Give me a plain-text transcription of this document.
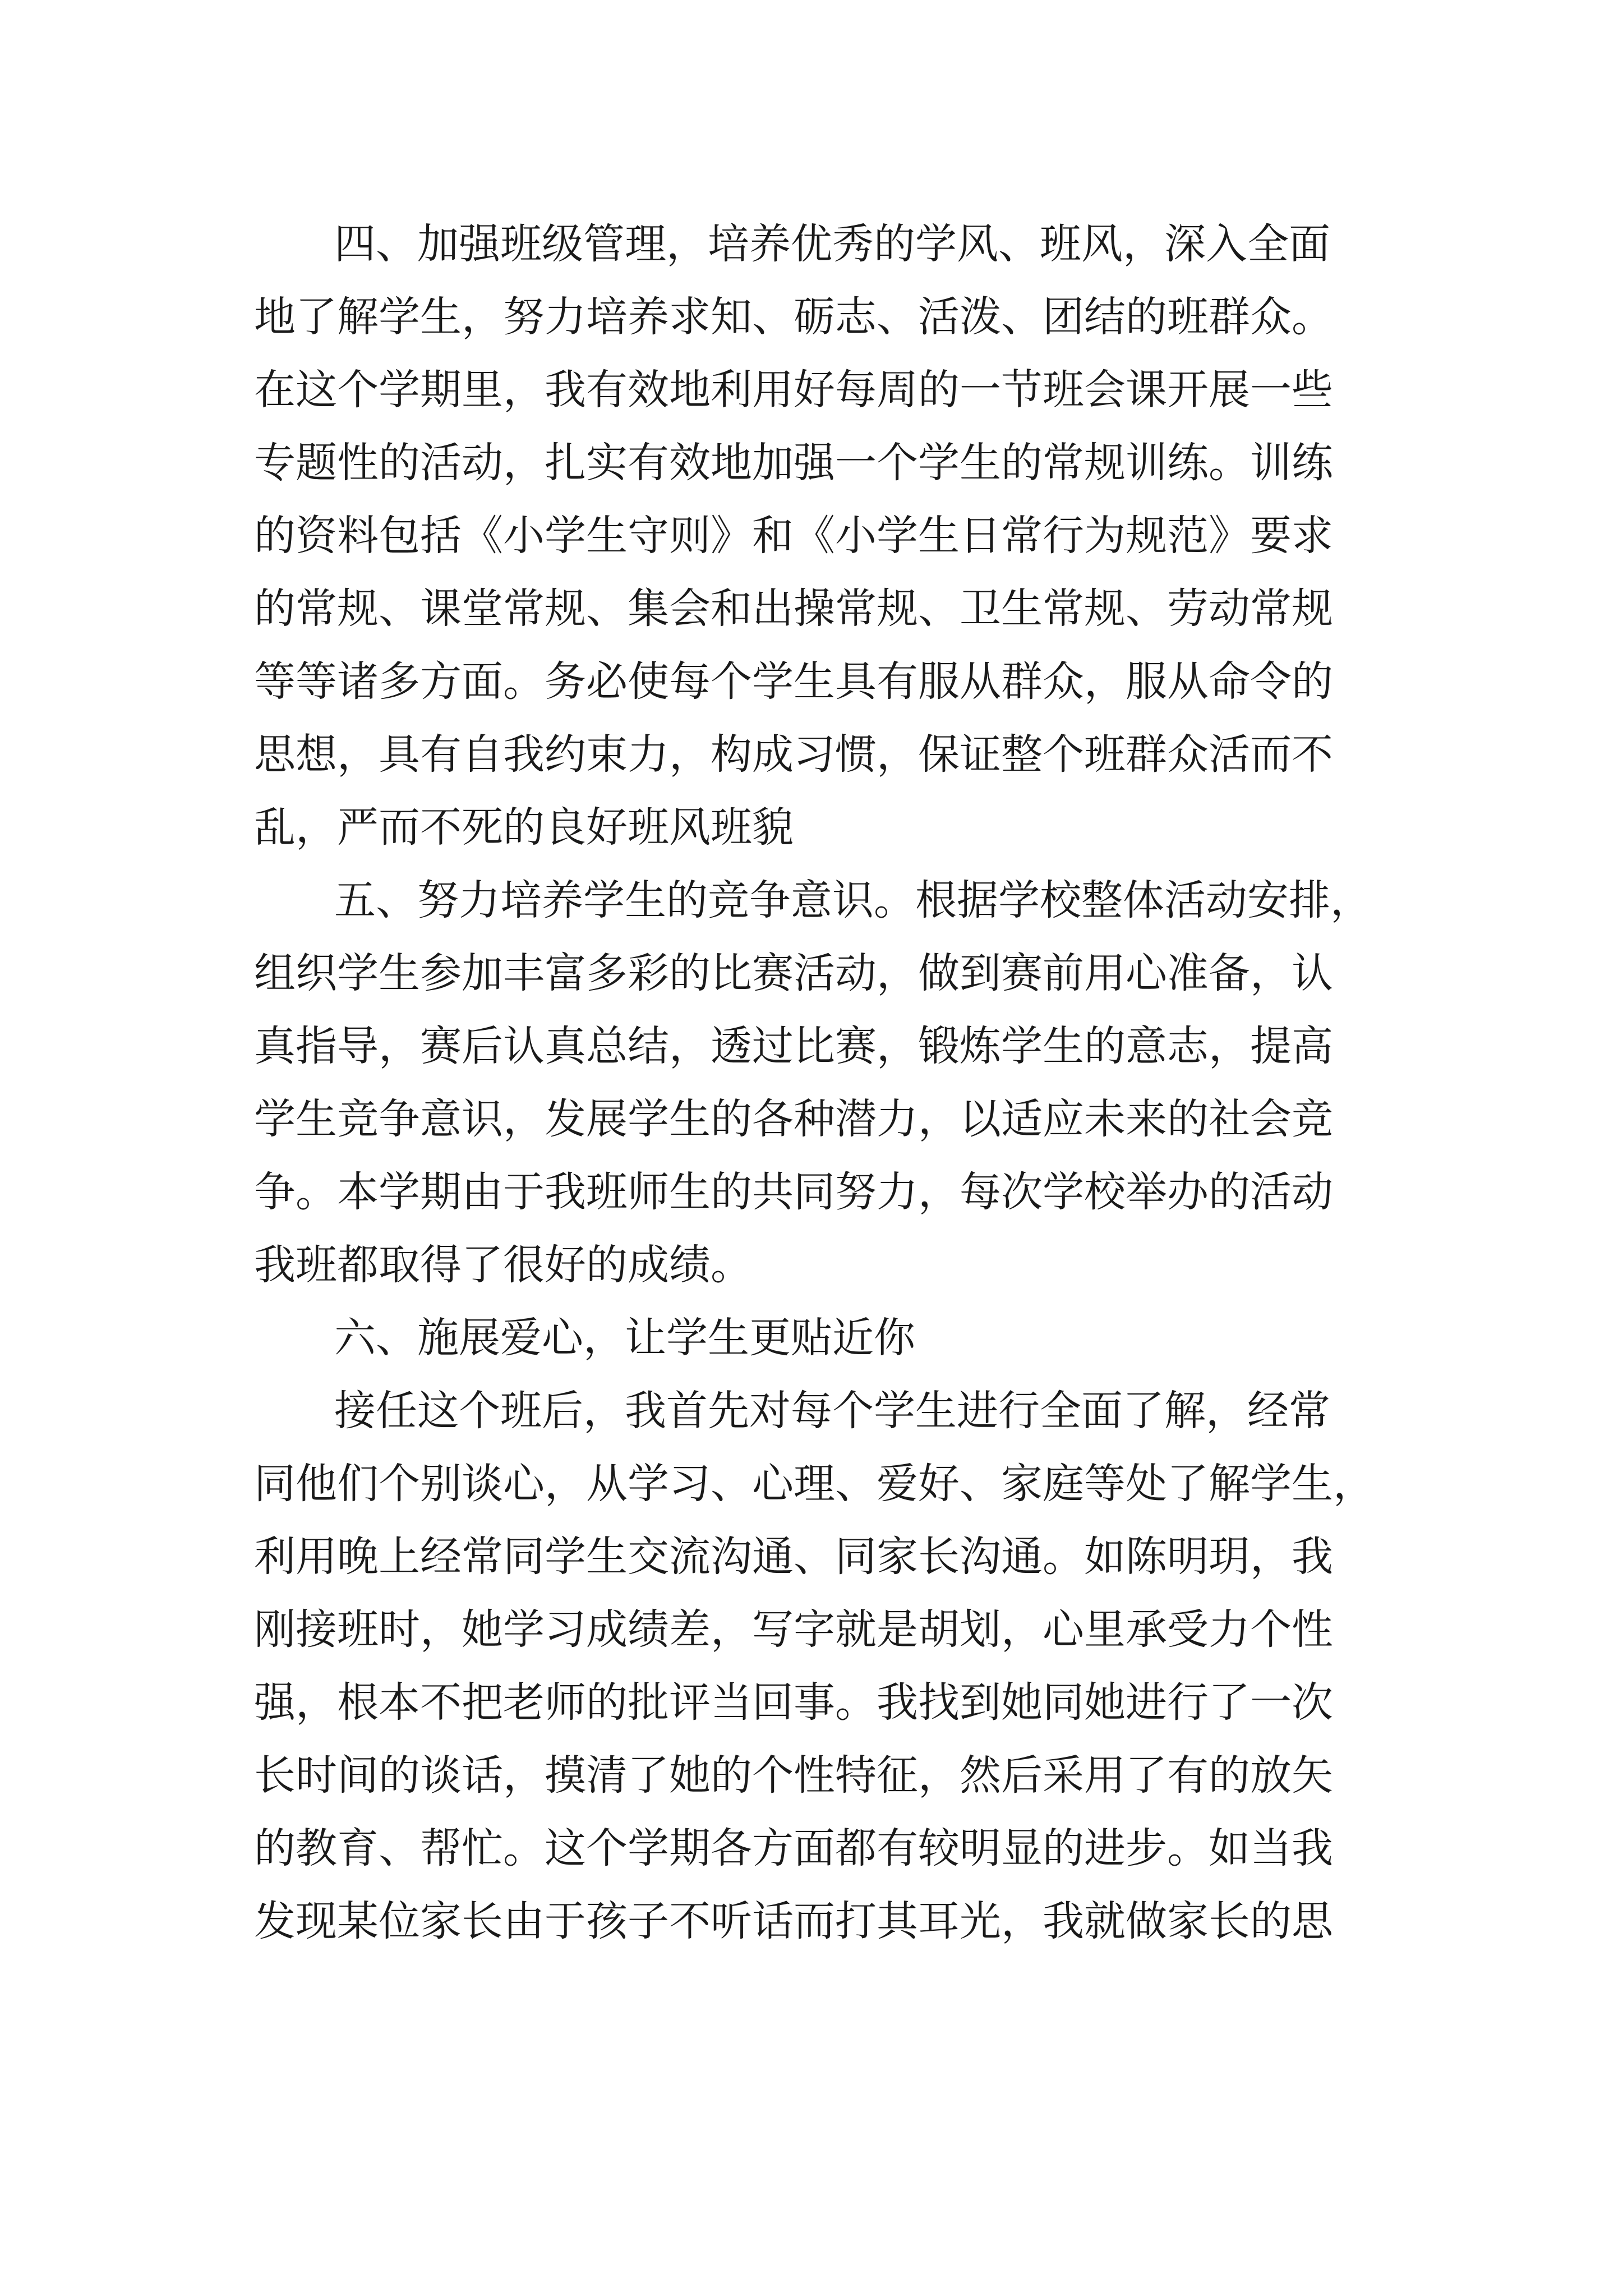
四、加强班级管理，培养优秀的学风、班风，深入全面
地了解学生，努力培养求知、砺志、活泼、团结的班群众。
在这个学期里，我有效地利用好每周的一节班会课开展一些
专题性的活动，扎实有效地加强一个学生的常规训练。训练
的资料包括《小学生守则》和《小学生日常行为规范》要求
的常规、课堂常规、集会和出操常规、卫生常规、劳动常规
等等诸多方面。务必使每个学生具有服从群众，服从命令的
思想，具有自我约束力，构成习惯，保证整个班群众活而不
乱，严而不死的良好班风班貌
五、努力培养学生的竞争意识。根据学校整体活动安排，
组织学生参加丰富多彩的比赛活动，做到赛前用心准备，认
真指导，赛后认真总结，透过比赛，锻炼学生的意志，提高
学生竞争意识，发展学生的各种潜力，以适应未来的社会竞
争。本学期由于我班师生的共同努力，每次学校举办的活动
我班都取得了很好的成绩。
六、施展爱心，让学生更贴近你
接任这个班后，我首先对每个学生进行全面了解，经常
同他们个别谈心，从学习、心理、爱好、家庭等处了解学生，
利用晚上经常同学生交流沟通、同家长沟通。如陈明玥，我
刚接班时，她学习成绩差，写字就是胡划，心里承受力个性
强，根本不把老师的批评当回事。我找到她同她进行了一次
长时间的谈话，摸清了她的个性特征，然后采用了有的放矢
的教育、帮忙。这个学期各方面都有较明显的进步。如当我
发现某位家长由于孩子不听话而打其耳光，我就做家长的思
